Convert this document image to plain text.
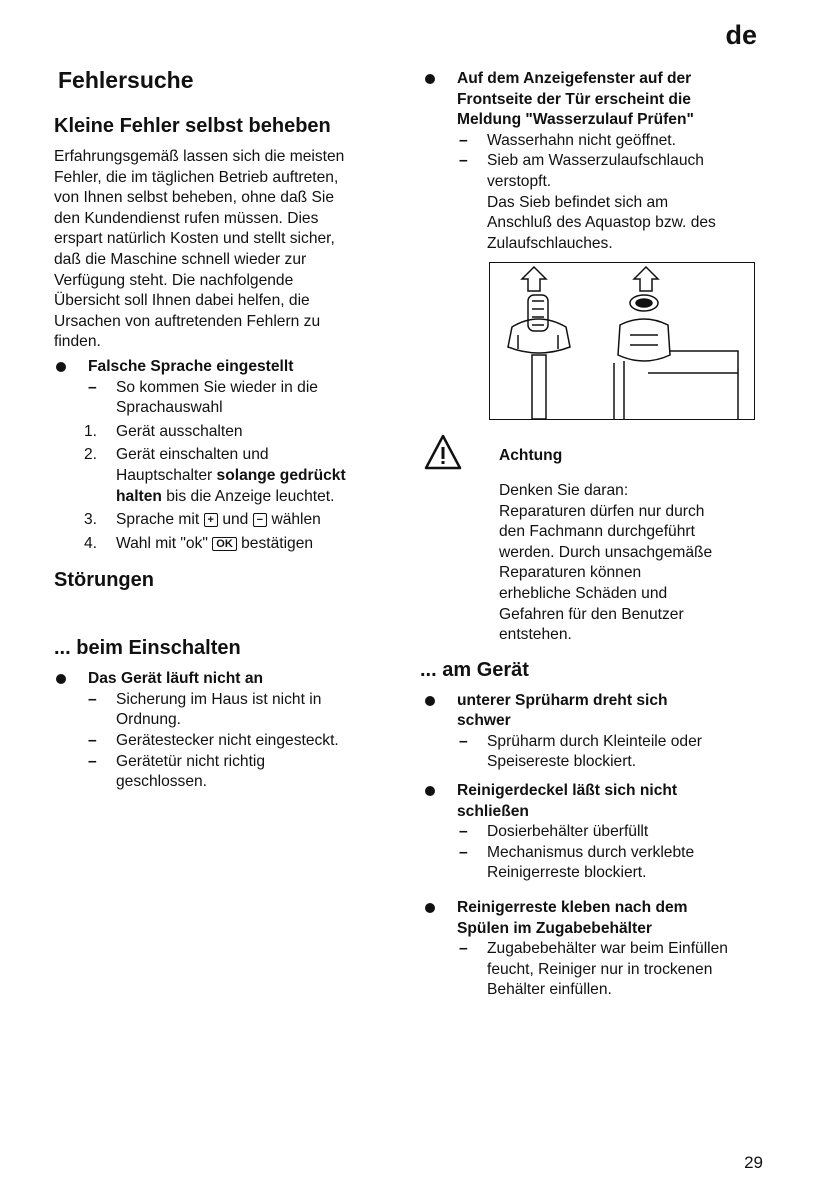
de
Fehlersuche
Kleine Fehler selbst beheben
Erfahrungsgemäß lassen sich die meisten
Fehler, die im täglichen Betrieb auftreten,
von Ihnen selbst beheben, ohne daß Sie
den Kundendienst rufen müssen. Dies
erspart natürlich Kosten und stellt sicher,
daß die Maschine schnell wieder zur
Verfügung steht. Die nachfolgende
Übersicht soll Ihnen dabei helfen, die
Ursachen von auftretenden Fehlern zu
finden.
Falsche Sprache eingestellt
– So kommen Sie wieder in die
Sprachauswahl
1. Gerät ausschalten
2. Gerät einschalten und
Hauptschalter solange gedrückt
halten bis die Anzeige leuchtet.
3. Sprache mit + und − wählen
4. Wahl mit "ok" OK bestätigen
Störungen
... beim Einschalten
Das Gerät läuft nicht an
– Sicherung im Haus ist nicht in
Ordnung.
– Gerätestecker nicht eingesteckt.
– Gerätetür nicht richtig
geschlossen.
Auf dem Anzeigefenster auf der
Frontseite der Tür erscheint die
Meldung "Wasserzulauf Prüfen"
– Wasserhahn nicht geöffnet.
– Sieb am Wasserzulaufschlauch
verstopft.
Das Sieb befindet sich am
Anschluß des Aquastop bzw. des
Zulaufschlauches.
Achtung
Denken Sie daran:
Reparaturen dürfen nur durch
den Fachmann durchgeführt
werden. Durch unsachgemäße
Reparaturen können
erhebliche Schäden und
Gefahren für den Benutzer
entstehen.
... am Gerät
unterer Sprüharm dreht sich
schwer
– Sprüharm durch Kleinteile oder
Speisereste blockiert.
Reinigerdeckel läßt sich nicht
schließen
– Dosierbehälter überfüllt
– Mechanismus durch verklebte
Reinigerreste blockiert.
Reinigerreste kleben nach dem
Spülen im Zugabebehälter
– Zugabebehälter war beim Einfüllen
feucht, Reiniger nur in trockenen
Behälter einfüllen.
29
